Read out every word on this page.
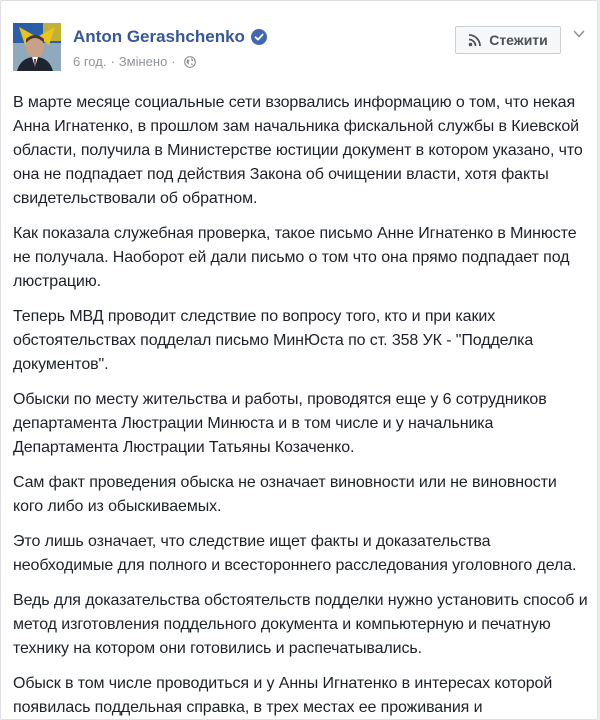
Anton Gerashchenko
6 год. · Змінено ·
Стежити

В марте месяце социальные сети взорвались информацию о том, что некая Анна Игнатенко, в прошлом зам начальника фискальной службы в Киевской области, получила в Министерстве юстиции документ в котором указано, что она не подпадает под действия Закона об очищении власти, хотя факты свидетельствовали об обратном.

Как показала служебная проверка, такое письмо Анне Игнатенко в Минюсте не получала. Наоборот ей дали письмо о том что она прямо подпадает под люстрацию.

Теперь МВД проводит следствие по вопросу того, кто и при каких обстоятельствах подделал письмо МинЮста по ст. 358 УК - "Подделка документов".

Обыски по месту жительства и работы, проводятся еще у 6 сотрудников департамента Люстрации Минюста и в том числе и у начальника Департамента Люстрации Татьяны Козаченко.

Сам факт проведения обыска не означает виновности или не виновности кого либо из обыскиваемых.

Это лишь означает, что следствие ищет факты и доказательства необходимые для полного и всестороннего расследования уголовного дела.

Ведь для доказательства обстоятельств подделки нужно установить способ и метод изготовления поддельного документа и компьютерную и печатную технику на котором они готовились и распечатывались.

Обыск в том числе проводиться и у Анны Игнатенко в интересах которой появилась поддельная справка, в трех местах ее проживания и
